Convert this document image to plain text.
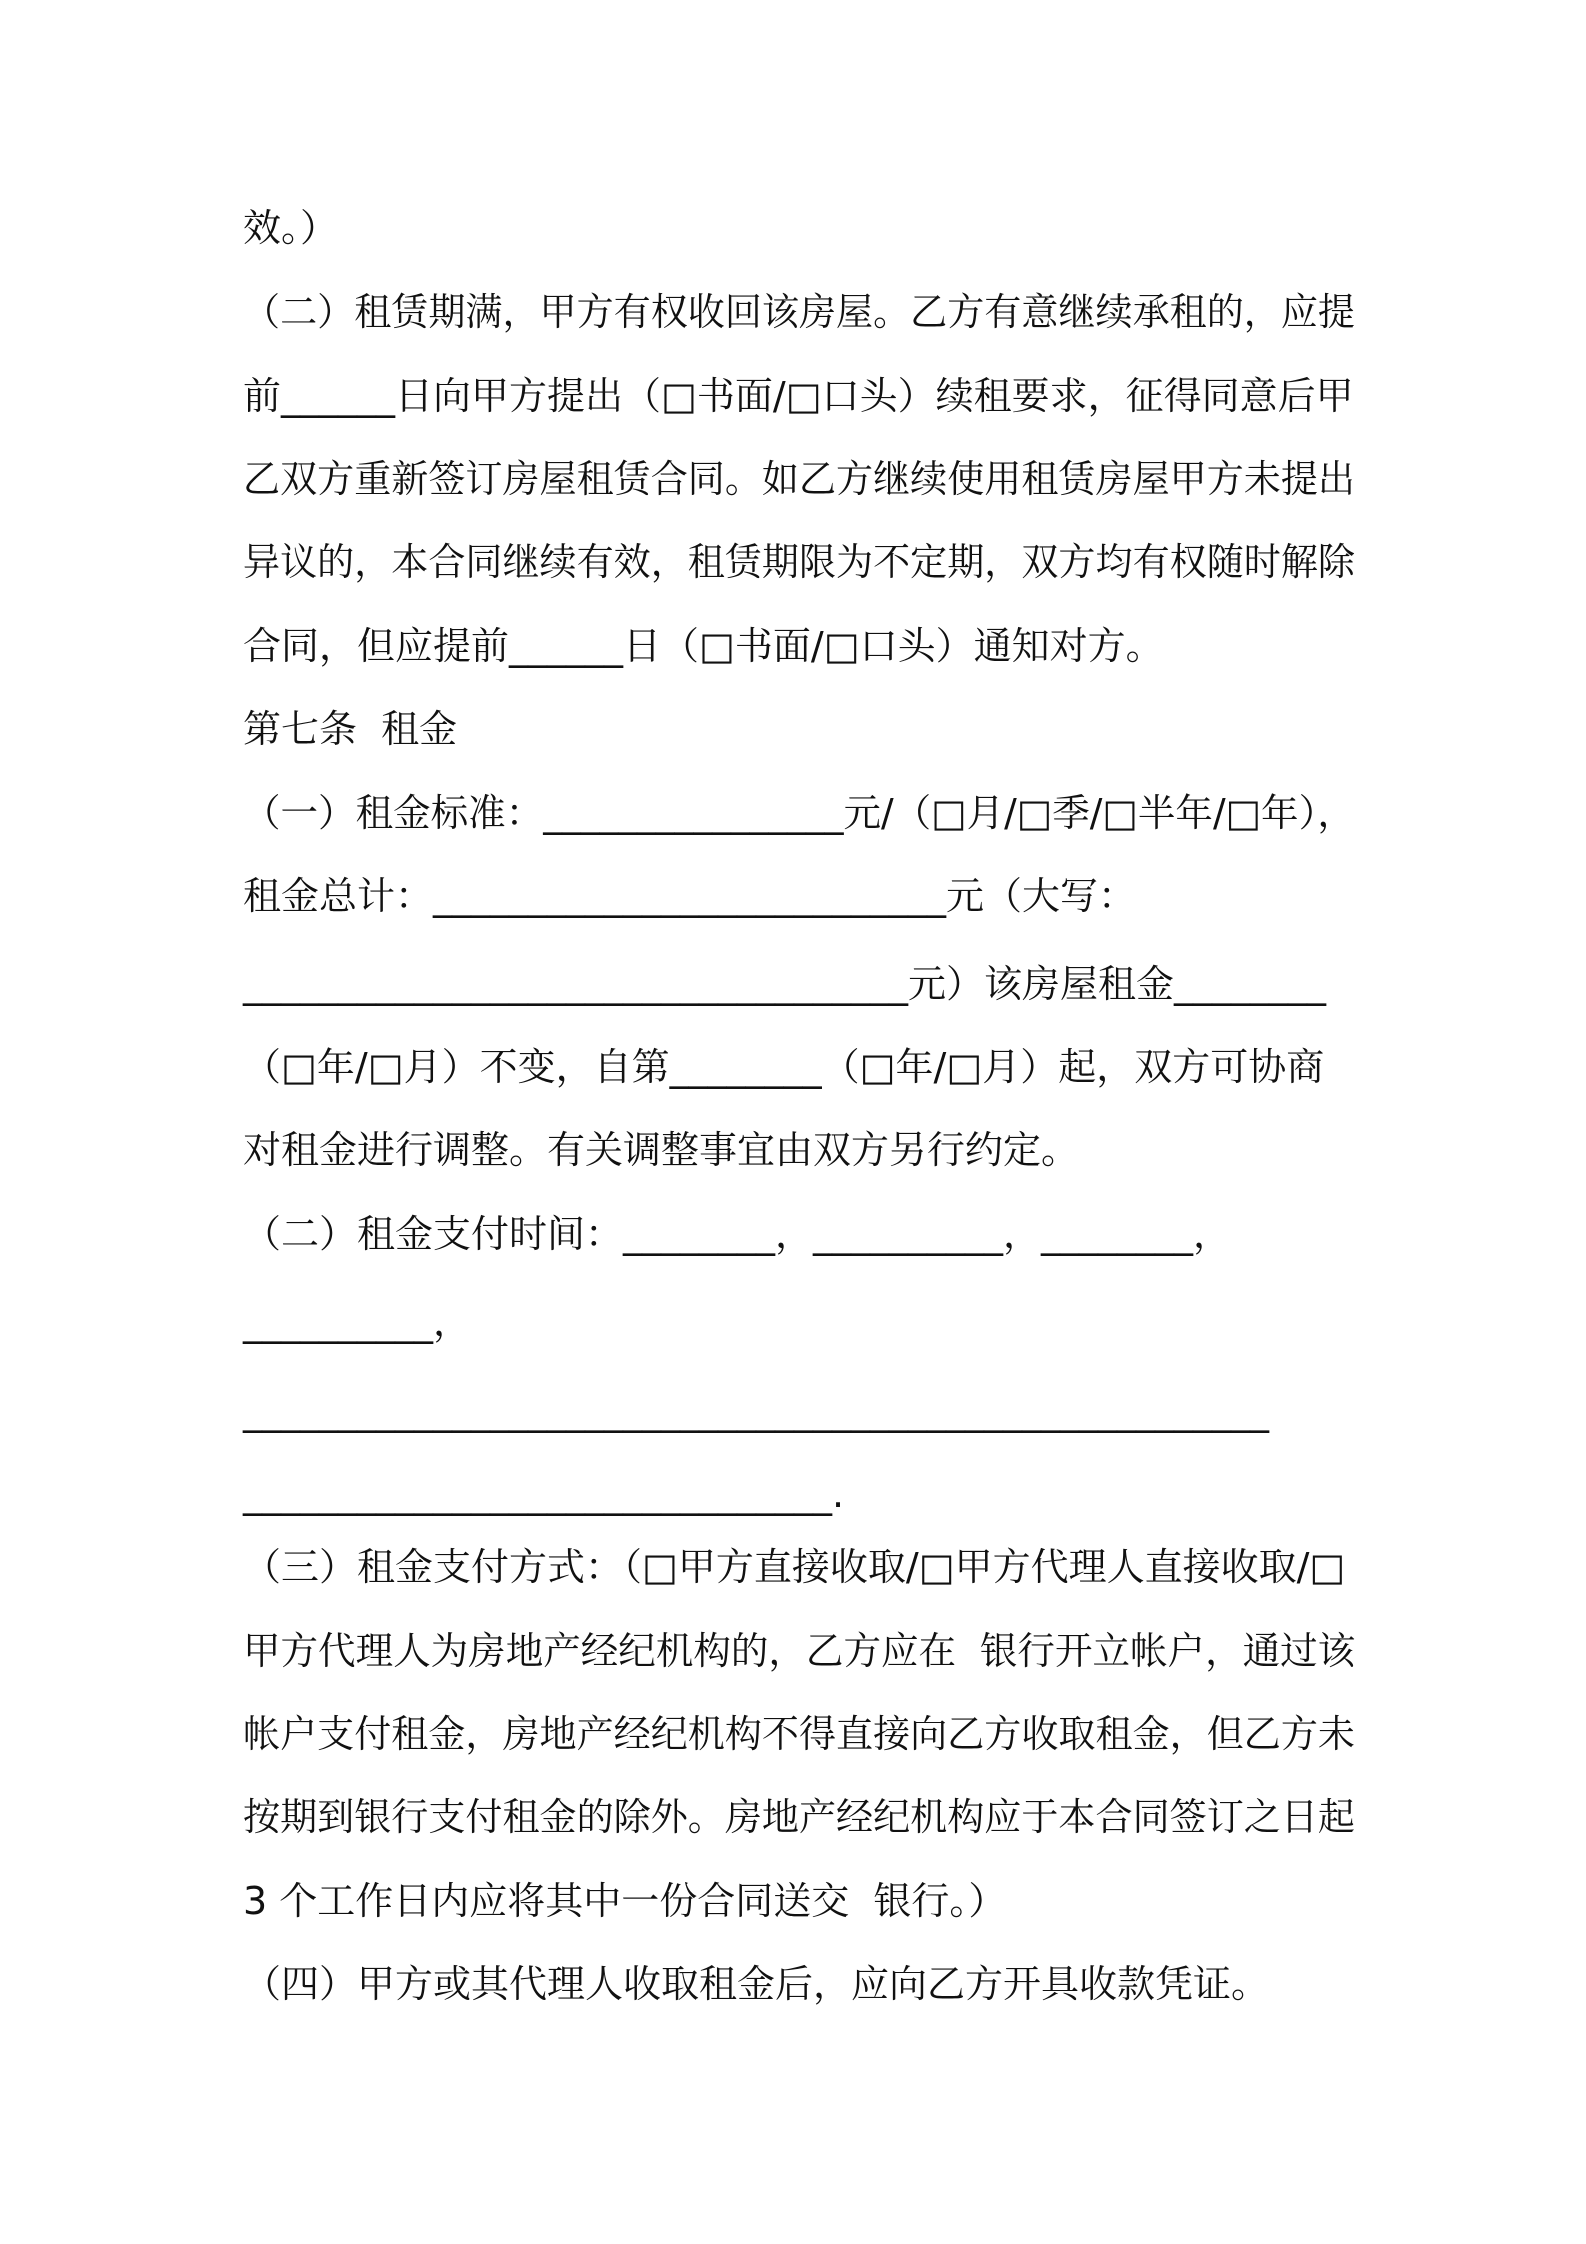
效。）

（二）租赁期满，甲方有权收回该房屋。乙方有意继续承租的，应提

前______日向甲方提出（□书面/□口头）续租要求，征得同意后甲

乙双方重新签订房屋租赁合同。如乙方继续使用租赁房屋甲方未提出

异议的，本合同继续有效，租赁期限为不定期，双方均有权随时解除

合同，但应提前______日（□书面/□口头）通知对方。

第七条  租金

（一）租金标准：________________元/（□月/□季/□半年/□年），

租金总计：___________________________元（大写：

___________________________________元）该房屋租金________

（□年/□月）不变，自第________（□年/□月）起，双方可协商

对租金进行调整。有关调整事宜由双方另行约定。

（二）租金支付时间：________，__________，________，

__________，

______________________________________________________

_______________________________.

（三）租金支付方式：（□甲方直接收取/□甲方代理人直接收取/□

甲方代理人为房地产经纪机构的，乙方应在  银行开立帐户，通过该

帐户支付租金，房地产经纪机构不得直接向乙方收取租金，但乙方未

按期到银行支付租金的除外。房地产经纪机构应于本合同签订之日起

3 个工作日内应将其中一份合同送交  银行。）

（四）甲方或其代理人收取租金后，应向乙方开具收款凭证。
